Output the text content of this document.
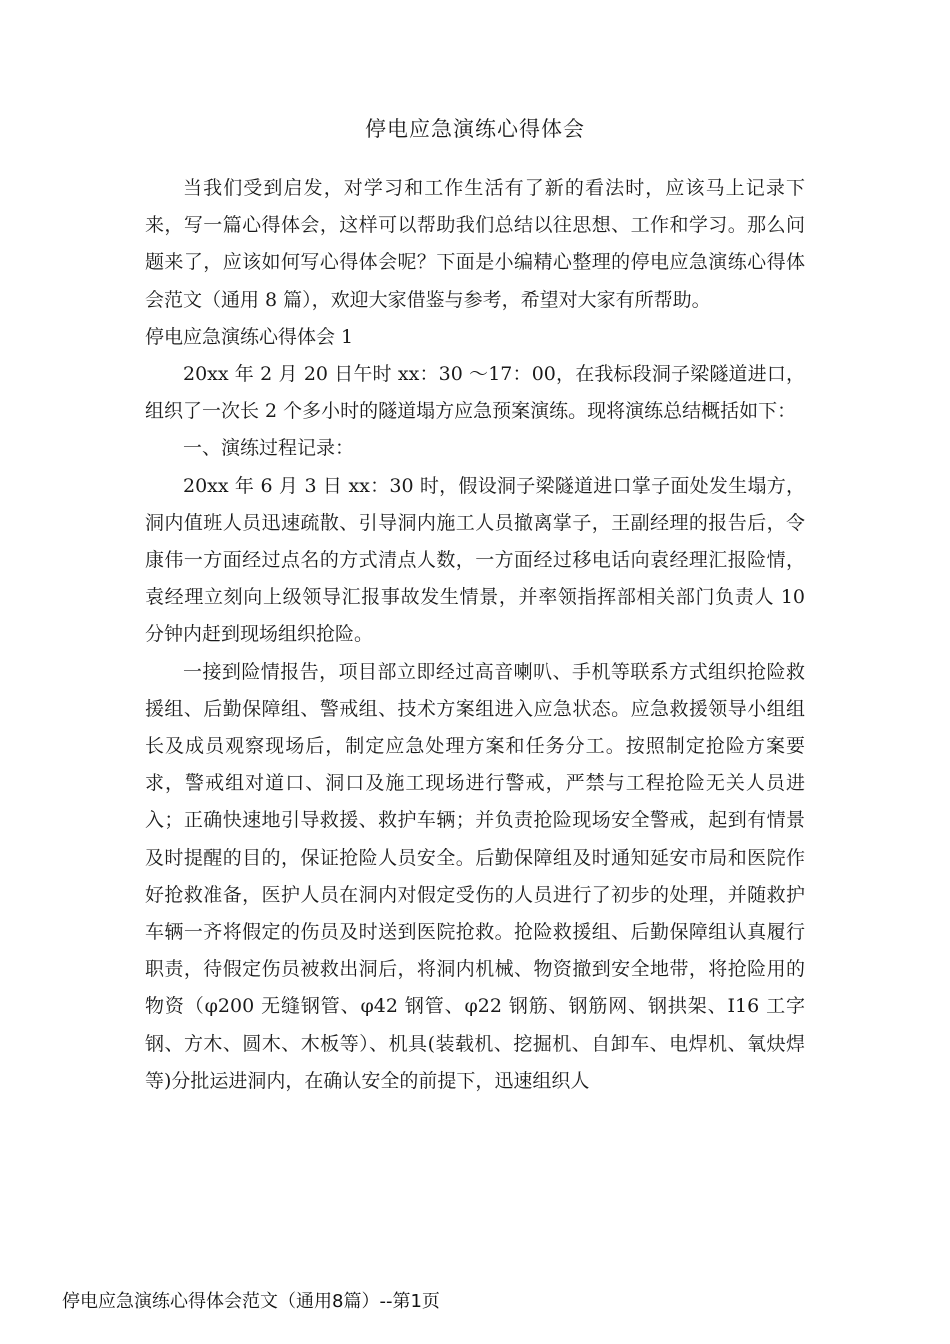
停电应急演练心得体会

当我们受到启发，对学习和工作生活有了新的看法时，应该马上记录下来，写一篇心得体会，这样可以帮助我们总结以往思想、工作和学习。那么问题来了，应该如何写心得体会呢？下面是小编精心整理的停电应急演练心得体会范文（通用 8 篇），欢迎大家借鉴与参考，希望对大家有所帮助。

停电应急演练心得体会 1

20xx 年 2 月 20 日午时 xx：30 ～17：00，在我标段洞子梁隧道进口，组织了一次长 2 个多小时的隧道塌方应急预案演练。现将演练总结概括如下：

一、演练过程记录：

20xx 年 6 月 3 日 xx：30 时，假设洞子梁隧道进口掌子面处发生塌方，洞内值班人员迅速疏散、引导洞内施工人员撤离掌子，王副经理的报告后，令康伟一方面经过点名的方式清点人数，一方面经过移电话向袁经理汇报险情，袁经理立刻向上级领导汇报事故发生情景，并率领指挥部相关部门负责人 10 分钟内赶到现场组织抢险。

一接到险情报告，项目部立即经过高音喇叭、手机等联系方式组织抢险救援组、后勤保障组、警戒组、技术方案组进入应急状态。应急救援领导小组组长及成员观察现场后，制定应急处理方案和任务分工。按照制定抢险方案要求，警戒组对道口、洞口及施工现场进行警戒，严禁与工程抢险无关人员进入；正确快速地引导救援、救护车辆；并负责抢险现场安全警戒，起到有情景及时提醒的目的，保证抢险人员安全。后勤保障组及时通知延安市局和医院作好抢救准备，医护人员在洞内对假定受伤的人员进行了初步的处理，并随救护车辆一齐将假定的伤员及时送到医院抢救。抢险救援组、后勤保障组认真履行职责，待假定伤员被救出洞后，将洞内机械、物资撤到安全地带，将抢险用的物资（φ200 无缝钢管、φ42 钢管、φ22 钢筋、钢筋网、钢拱架、I16 工字钢、方木、圆木、木板等）、机具(装载机、挖掘机、自卸车、电焊机、氧炔焊等)分批运进洞内，在确认安全的前提下，迅速组织人

停电应急演练心得体会范文（通用8篇）--第1页
